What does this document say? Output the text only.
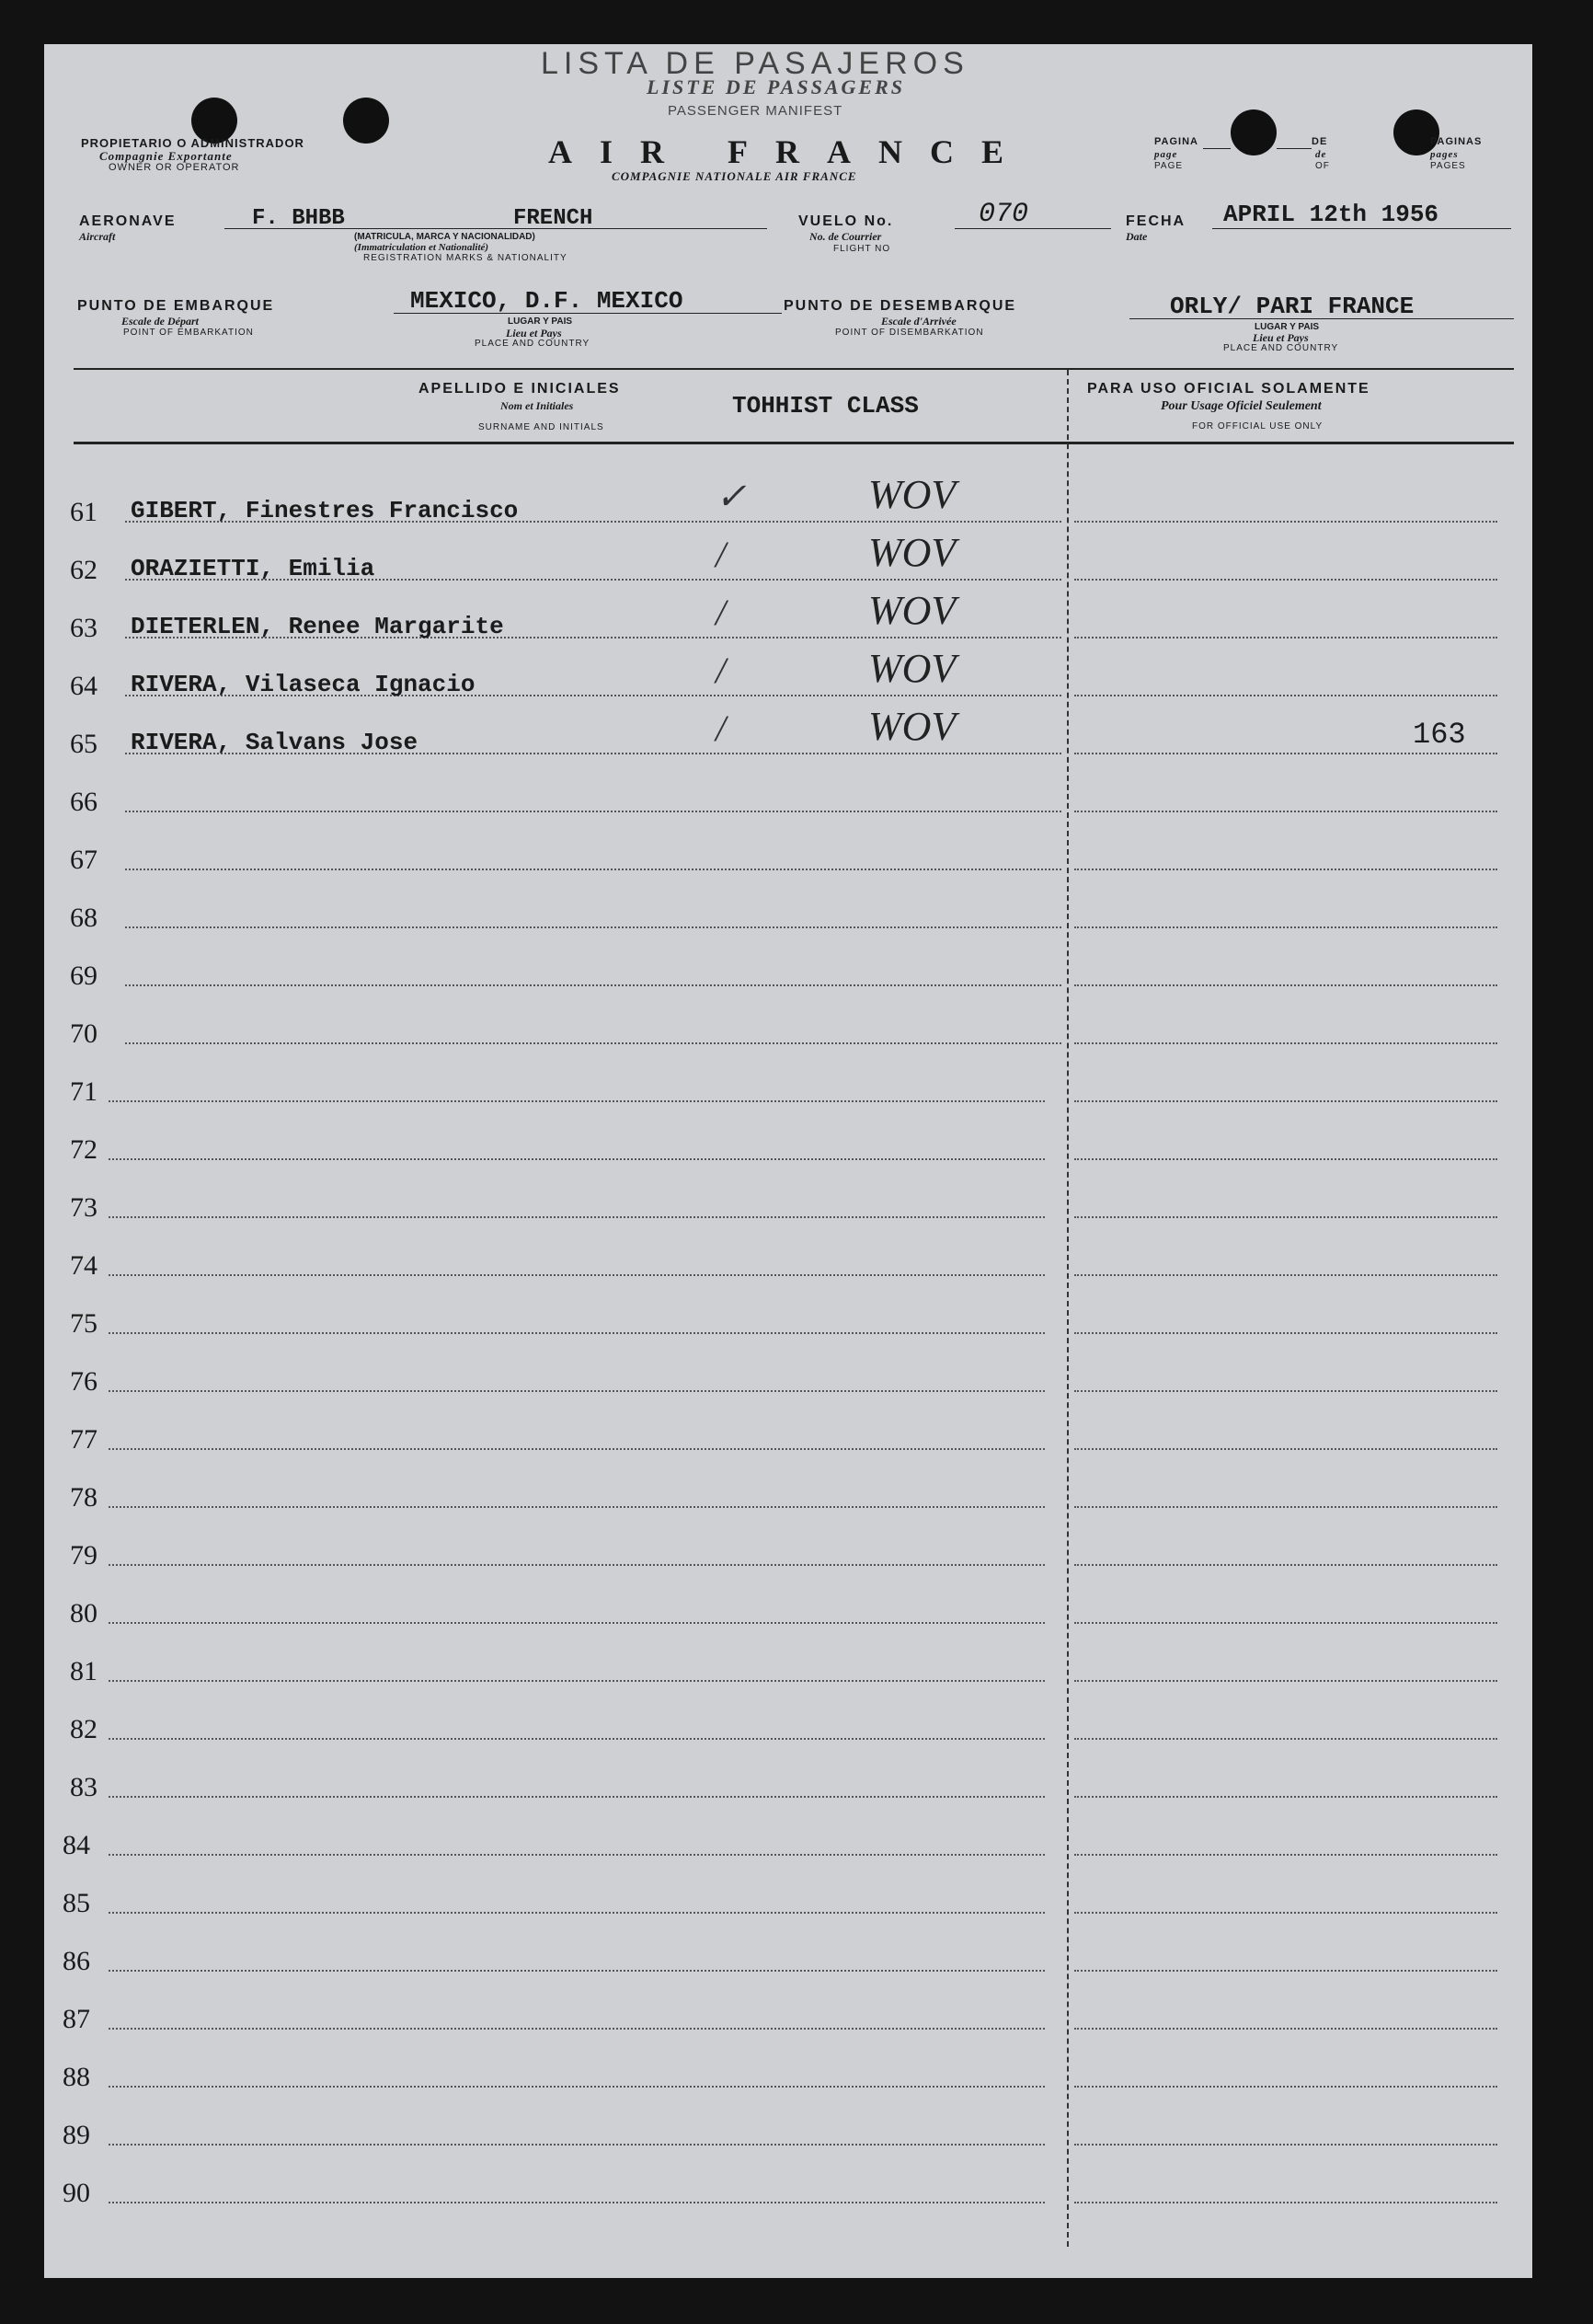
LISTA DE PASAJEROS
LISTE DE PASSAGERS
PASSENGER MANIFEST
PROPIETARIO O ADMINISTRADOR
Compagnie Exportante
OWNER OR OPERATOR	AIR FRANCE
COMPAGNIE NATIONALE AIR FRANCE
PAGINA
page
PAGE
DE
de
OF
PAGINAS
pages
PAGES
AERONAVE
Aircraft
F. BHBB	FRENCH
(MATRICULA, MARCA Y NACIONALIDAD)
(Immatriculation et Nationalité)
REGISTRATION MARKS & NATIONALITY
VUELO No.
No. de Courrier
FLIGHT NO
070	FECHA
Date
APRIL 12th 1956
PUNTO DE EMBARQUE
Escale de Départ
POINT OF EMBARKATION
MEXICO, D.F. MEXICO
LUGAR Y PAIS
Lieu et Pays
PLACE AND COUNTRY
PUNTO DE DESEMBARQUE
Escale d'Arrivée
POINT OF DISEMBARKATION
ORLY/ PARI FRANCE
LUGAR Y PAIS
Lieu et Pays
PLACE AND COUNTRY
APELLIDO E INICIALES
Nom et Initiales
SURNAME AND INITIALS
TOHHIST CLASS
PARA USO OFICIAL SOLAMENTE
Pour Usage Oficiel Seulement
FOR OFFICIAL USE ONLY
61 GIBERT, Finestres Francisco	✓	WOV
62 ORAZIETTI, Emilia	/	WOV
63 DIETERLEN, Renee Margarite	/	WOV
64 RIVERA, Vilaseca Ignacio	/	WOV
65 RIVERA, Salvans Jose	/	WOV	163
66
67
68
69
70
71
72
73
74
75
76
77
78
79
80
81
82
83
84
85
86
87
88
89
90
